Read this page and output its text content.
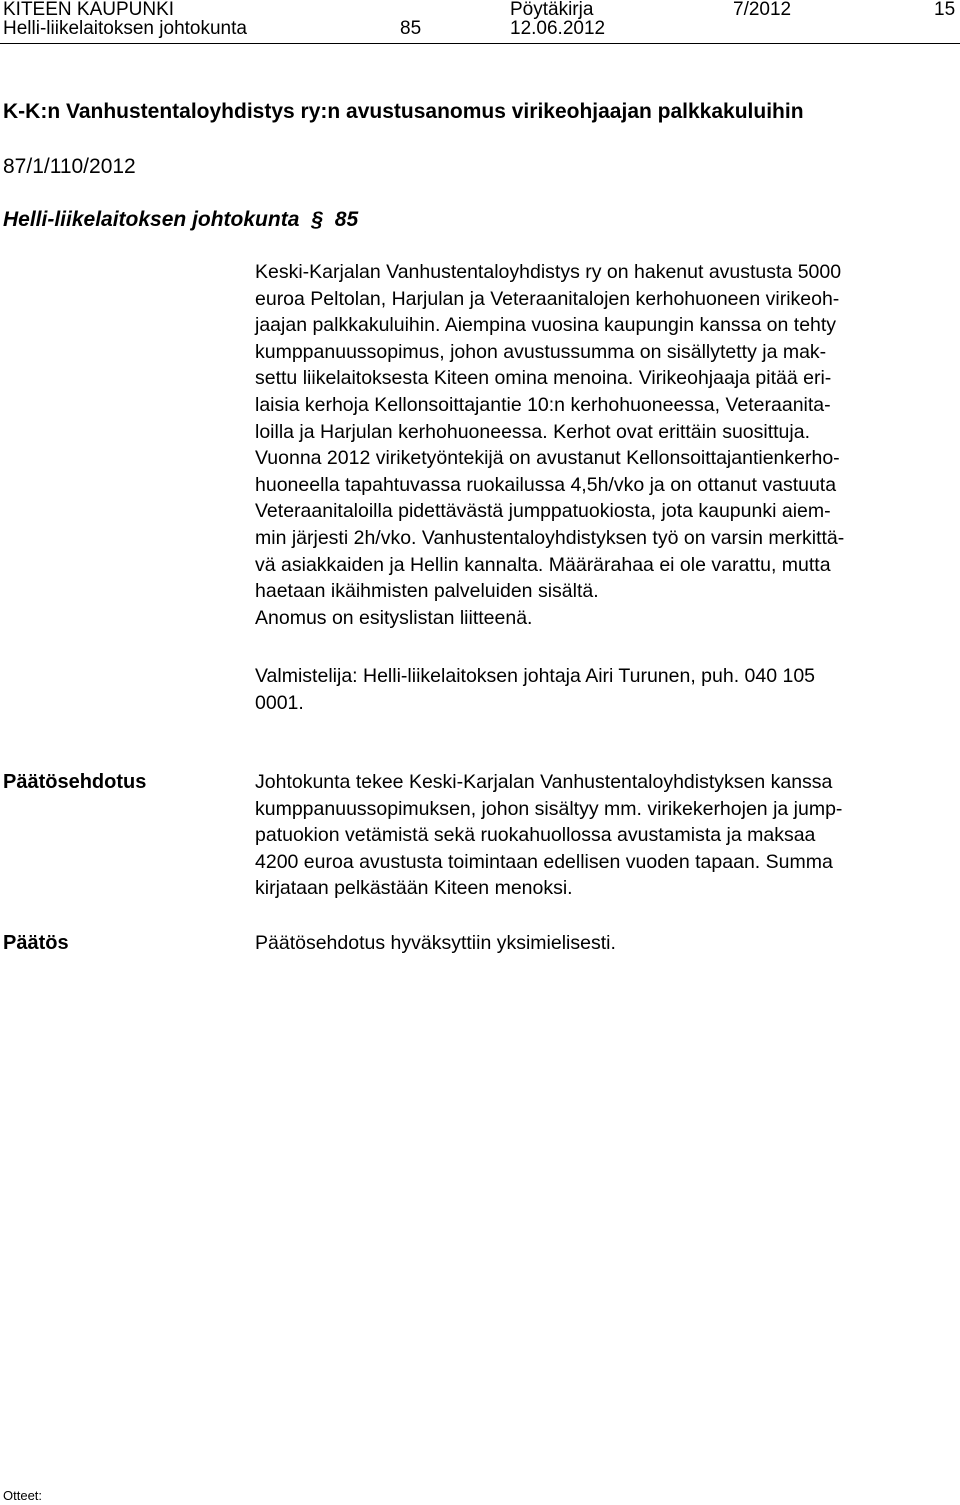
KITEEN KAUPUNKI	Pöytäkirja	7/2012	15
Helli-liikelaitoksen johtokunta	85	12.06.2012
K-K:n Vanhustentaloyhdistys ry:n avustusanomus virikeohjaajan palkkakuluihin
87/1/110/2012
Helli-liikelaitoksen johtokunta § 85
Keski-Karjalan Vanhustentaloyhdistys ry on hakenut avustusta 5000
euroa Peltolan, Harjulan ja Veteraanitalojen kerhohuoneen virikeoh-
jaajan palkkakuluihin. Aiempina vuosina kaupungin kanssa on tehty
kumppanuussopimus, johon avustussumma on sisällytetty ja mak-
settu liikelaitoksesta Kiteen omina menoina. Virikeohjaaja pitää eri-
laisia kerhoja Kellonsoittajantie 10:n kerhohuoneessa, Veteraanita-
loilla ja Harjulan kerhohuoneessa. Kerhot ovat erittäin suosittuja.
Vuonna 2012 viriketyöntekijä on avustanut Kellonsoittajantienkerho-
huoneella tapahtuvassa ruokailussa 4,5h/vko ja on ottanut vastuuta
Veteraanitaloilla pidettävästä jumppatuokiosta, jota kaupunki aiem-
min järjesti 2h/vko. Vanhustentaloyhdistyksen työ on varsin merkittä-
vä asiakkaiden ja Hellin kannalta. Määrärahaa ei ole varattu, mutta
haetaan ikäihmisten palveluiden sisältä.
Anomus on esityslistan liitteenä.
Valmistelija: Helli-liikelaitoksen johtaja Airi Turunen, puh. 040 105
0001.
Päätösehdotus	Johtokunta tekee Keski-Karjalan Vanhustentaloyhdistyksen kanssa
kumppanuussopimuksen, johon sisältyy mm. virikekerhojen ja jump-
patuokion vetämistä sekä ruokahuollossa avustamista ja maksaa
4200 euroa avustusta toimintaan edellisen vuoden tapaan. Summa
kirjataan pelkästään Kiteen menoksi.
Päätös	Päätösehdotus hyväksyttiin yksimielisesti.
Otteet:
